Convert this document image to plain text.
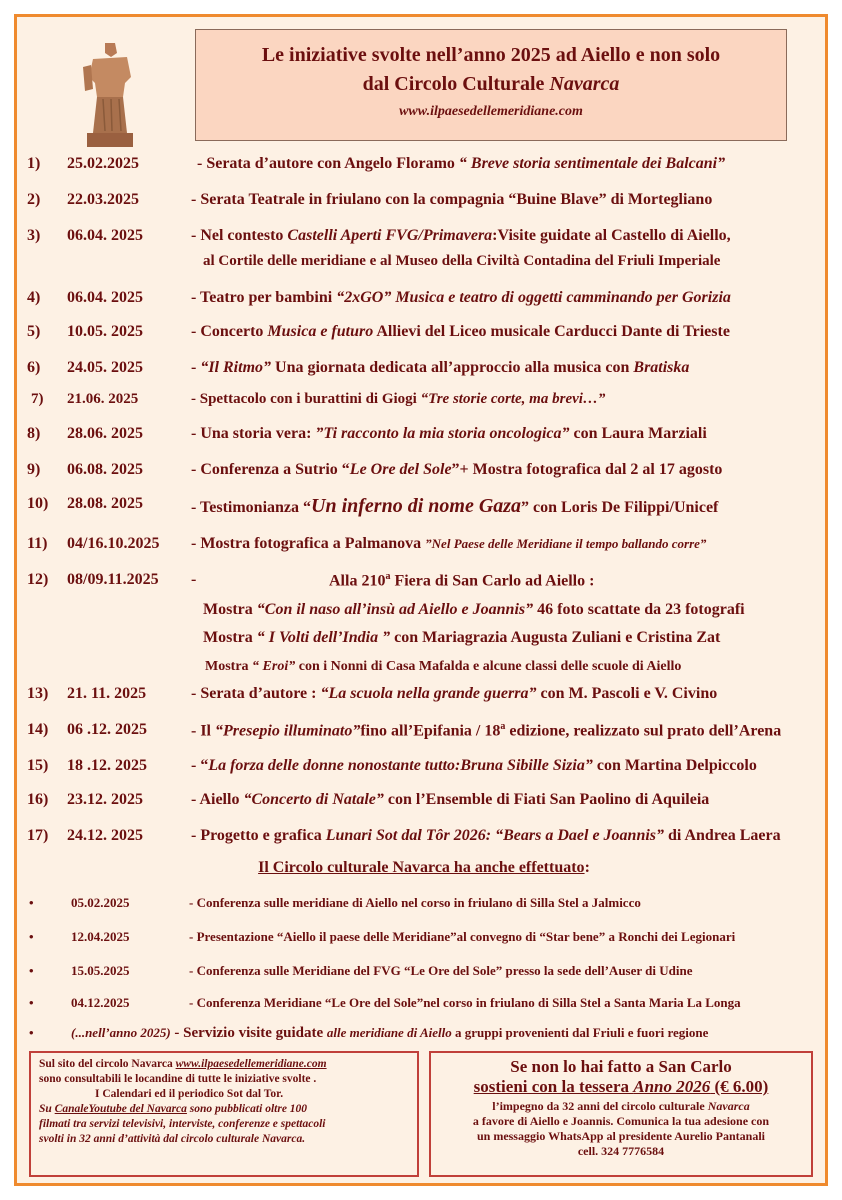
Le iniziative svolte nell’anno 2025 ad Aiello e non solo
dal Circolo Culturale Navarca
www.ilpaesedellemeridiane.com
1) 25.02.2025	- Serata d’autore con Angelo Floramo “ Breve storia sentimentale dei Balcani”
2) 22.03.2025	- Serata Teatrale in friulano con la compagnia “Buine Blave” di Mortegliano
3) 06.04. 2025	- Nel contesto Castelli Aperti FVG/Primavera:Visite guidate al Castello di Aiello,
al Cortile delle meridiane e al Museo della Civiltà Contadina del Friuli Imperiale
4) 06.04. 2025	- Teatro per bambini “2xGO” Musica e teatro di oggetti camminando per Gorizia
5) 10.05. 2025	- Concerto Musica e futuro Allievi del Liceo musicale Carducci Dante di Trieste
6) 24.05. 2025	- “Il Ritmo” Una giornata dedicata all’approccio alla musica con Bratiska
7) 21.06. 2025	- Spettacolo con i burattini di Giogi “Tre storie corte, ma brevi…”
8) 28.06. 2025	- Una storia vera: ”Ti racconto la mia storia oncologica” con Laura Marziali
9) 06.08. 2025	- Conferenza a Sutrio “Le Ore del Sole”+ Mostra fotografica dal 2 al 17 agosto
10) 28.08. 2025	- Testimonianza “Un inferno di nome Gaza” con Loris De Filippi/Unicef
11) 04/16.10.2025 - Mostra fotografica a Palmanova ”Nel Paese delle Meridiane il tempo ballando corre”
12) 08/09.11.2025 -	Alla 210$^a$ Fiera di San Carlo ad Aiello :
Mostra “Con il naso all’insù ad Aiello e Joannis” 46 foto scattate da 23 fotografi
Mostra “ I Volti dell’India ” con Mariagrazia Augusta Zuliani e Cristina Zat
Mostra “ Eroi” con i Nonni di Casa Mafalda e alcune classi delle scuole di Aiello
13) 21. 11. 2025	- Serata d’autore : “La scuola nella grande guerra” con M. Pascoli e V. Civino
14) 06 .12. 2025	- Il “Presepio illuminato”fino all’Epifania / 18$^a$ edizione, realizzato sul prato dell’Arena
15) 18 .12. 2025	- “La forza delle donne nonostante tutto:Bruna Sibille Sizia” con Martina Delpiccolo
16) 23.12. 2025	- Aiello “Concerto di Natale” con l’Ensemble di Fiati San Paolino di Aquileia
17) 24.12. 2025	- Progetto e grafica Lunari Sot dal Tôr 2026: “Bears a Dael e Joannis” di Andrea Laera
Il Circolo culturale Navarca ha anche effettuato:
•	05.02.2025	- Conferenza sulle meridiane di Aiello nel corso in friulano di Silla Stel a Jalmicco
•	12.04.2025	- Presentazione “Aiello il paese delle Meridiane”al convegno di “Star bene” a Ronchi dei Legionari
•	15.05.2025	- Conferenza sulle Meridiane del FVG “Le Ore del Sole” presso la sede dell’Auser di Udine
•	04.12.2025	- Conferenza Meridiane “Le Ore del Sole”nel corso in friulano di Silla Stel a Santa Maria La Longa
•	(...nell’anno 2025) - Servizio visite guidate alle meridiane di Aiello a gruppi provenienti dal Friuli e fuori regione
Sul sito del circolo Navarca www.ilpaesedellemeridiane.com
sono consultabili le locandine di tutte le iniziative svolte .
I Calendari ed il periodico Sot dal Tor.
Su CanaleYoutube del Navarca sono pubblicati oltre 100
filmati tra servizi televisivi, interviste, conferenze e spettacoli
svolti in 32 anni d’attività dal circolo culturale Navarca.
Se non lo hai fatto a San Carlo
sostieni con la tessera Anno 2026 (€ 6.00)
l’impegno da 32 anni del circolo culturale Navarca
a favore di Aiello e Joannis. Comunica la tua adesione con
un messaggio WhatsApp al presidente Aurelio Pantanali
cell. 324 7776584
